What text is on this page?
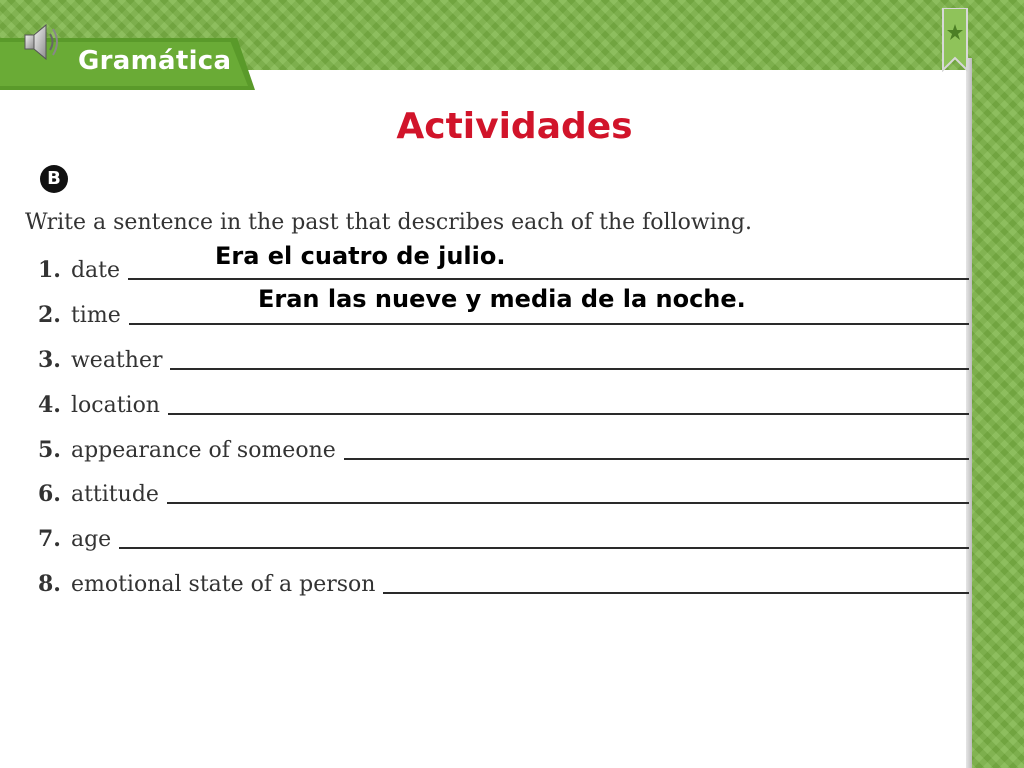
Gramática
Actividades
B
Write a sentence in the past that describes each of the following.
1. date
2. time
3. weather
4. location
5. appearance of someone
6. attitude
7. age
8. emotional state of a person
Era el cuatro de julio.
Eran las nueve y media de la noche.
